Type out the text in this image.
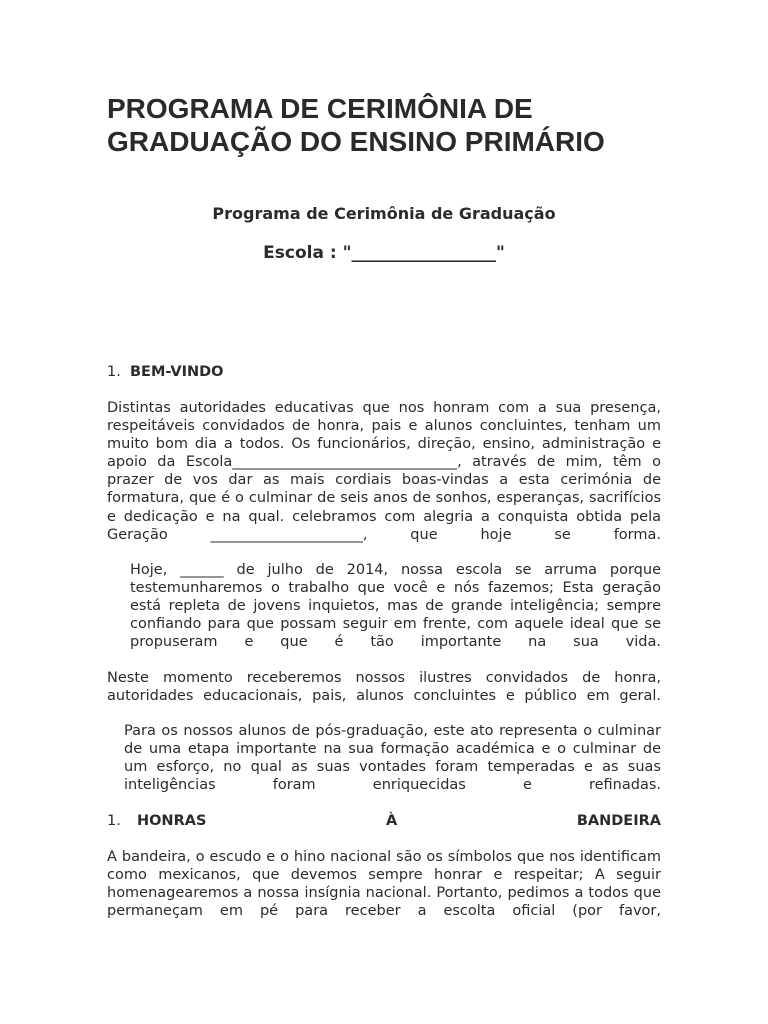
PROGRAMA DE CERIMÔNIA DE GRADUAÇÃO DO ENSINO PRIMÁRIO
Programa de Cerimônia de Graduação
Escola : "_________________"
1. BEM-VINDO
Distintas autoridades educativas que nos honram com a sua presença, respeitáveis convidados de honra, pais e alunos concluintes, tenham um muito bom dia a todos. Os funcionários, direção, ensino, administração e apoio da Escola_______________________________, através de mim, têm o prazer de vos dar as mais cordiais boas-vindas a esta cerimónia de formatura, que é o culminar de seis anos de sonhos, esperanças, sacrifícios e dedicação e na qual. celebramos com alegria a conquista obtida pela Geração _____________________, que hoje se forma.
Hoje, ______ de julho de 2014, nossa escola se arruma porque testemunharemos o trabalho que você e nós fazemos; Esta geração está repleta de jovens inquietos, mas de grande inteligência; sempre confiando para que possam seguir em frente, com aquele ideal que se propuseram e que é tão importante na sua vida.
Neste momento receberemos nossos ilustres convidados de honra, autoridades educacionais, pais, alunos concluintes e público em geral.
Para os nossos alunos de pós-graduação, este ato representa o culminar de uma etapa importante na sua formação académica e o culminar de um esforço, no qual as suas vontades foram temperadas e as suas inteligências foram enriquecidas e refinadas.
1. HONRAS	À	BANDEIRA
A bandeira, o escudo e o hino nacional são os símbolos que nos identificam como mexicanos, que devemos sempre honrar e respeitar; A seguir homenagearemos a nossa insígnia nacional. Portanto, pedimos a todos que permaneçam em pé para receber a escolta oficial (por favor,
